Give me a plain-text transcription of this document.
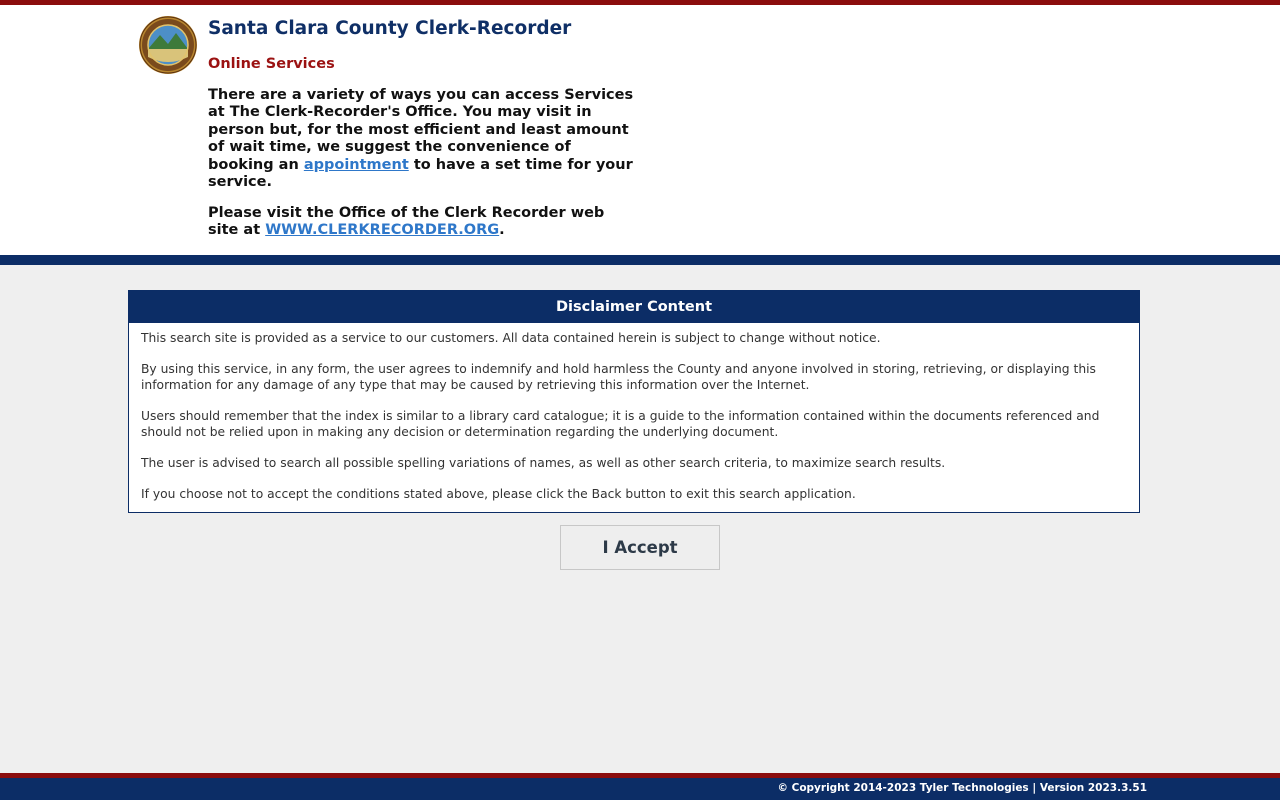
Santa Clara County Clerk-Recorder
Online Services

There are a variety of ways you can access Services at The Clerk-Recorder's Office. You may visit in person but, for the most efficient and least amount of wait time, we suggest the convenience of booking an appointment to have a set time for your service.

Please visit the Office of the Clerk Recorder web site at WWW.CLERKRECORDER.ORG.

Disclaimer Content

This search site is provided as a service to our customers. All data contained herein is subject to change without notice.

By using this service, in any form, the user agrees to indemnify and hold harmless the County and anyone involved in storing, retrieving, or displaying this information for any damage of any type that may be caused by retrieving this information over the Internet.

Users should remember that the index is similar to a library card catalogue; it is a guide to the information contained within the documents referenced and should not be relied upon in making any decision or determination regarding the underlying document.

The user is advised to search all possible spelling variations of names, as well as other search criteria, to maximize search results.

If you choose not to accept the conditions stated above, please click the Back button to exit this search application.

I Accept
© Copyright 2014-2023 Tyler Technologies | Version 2023.3.51
